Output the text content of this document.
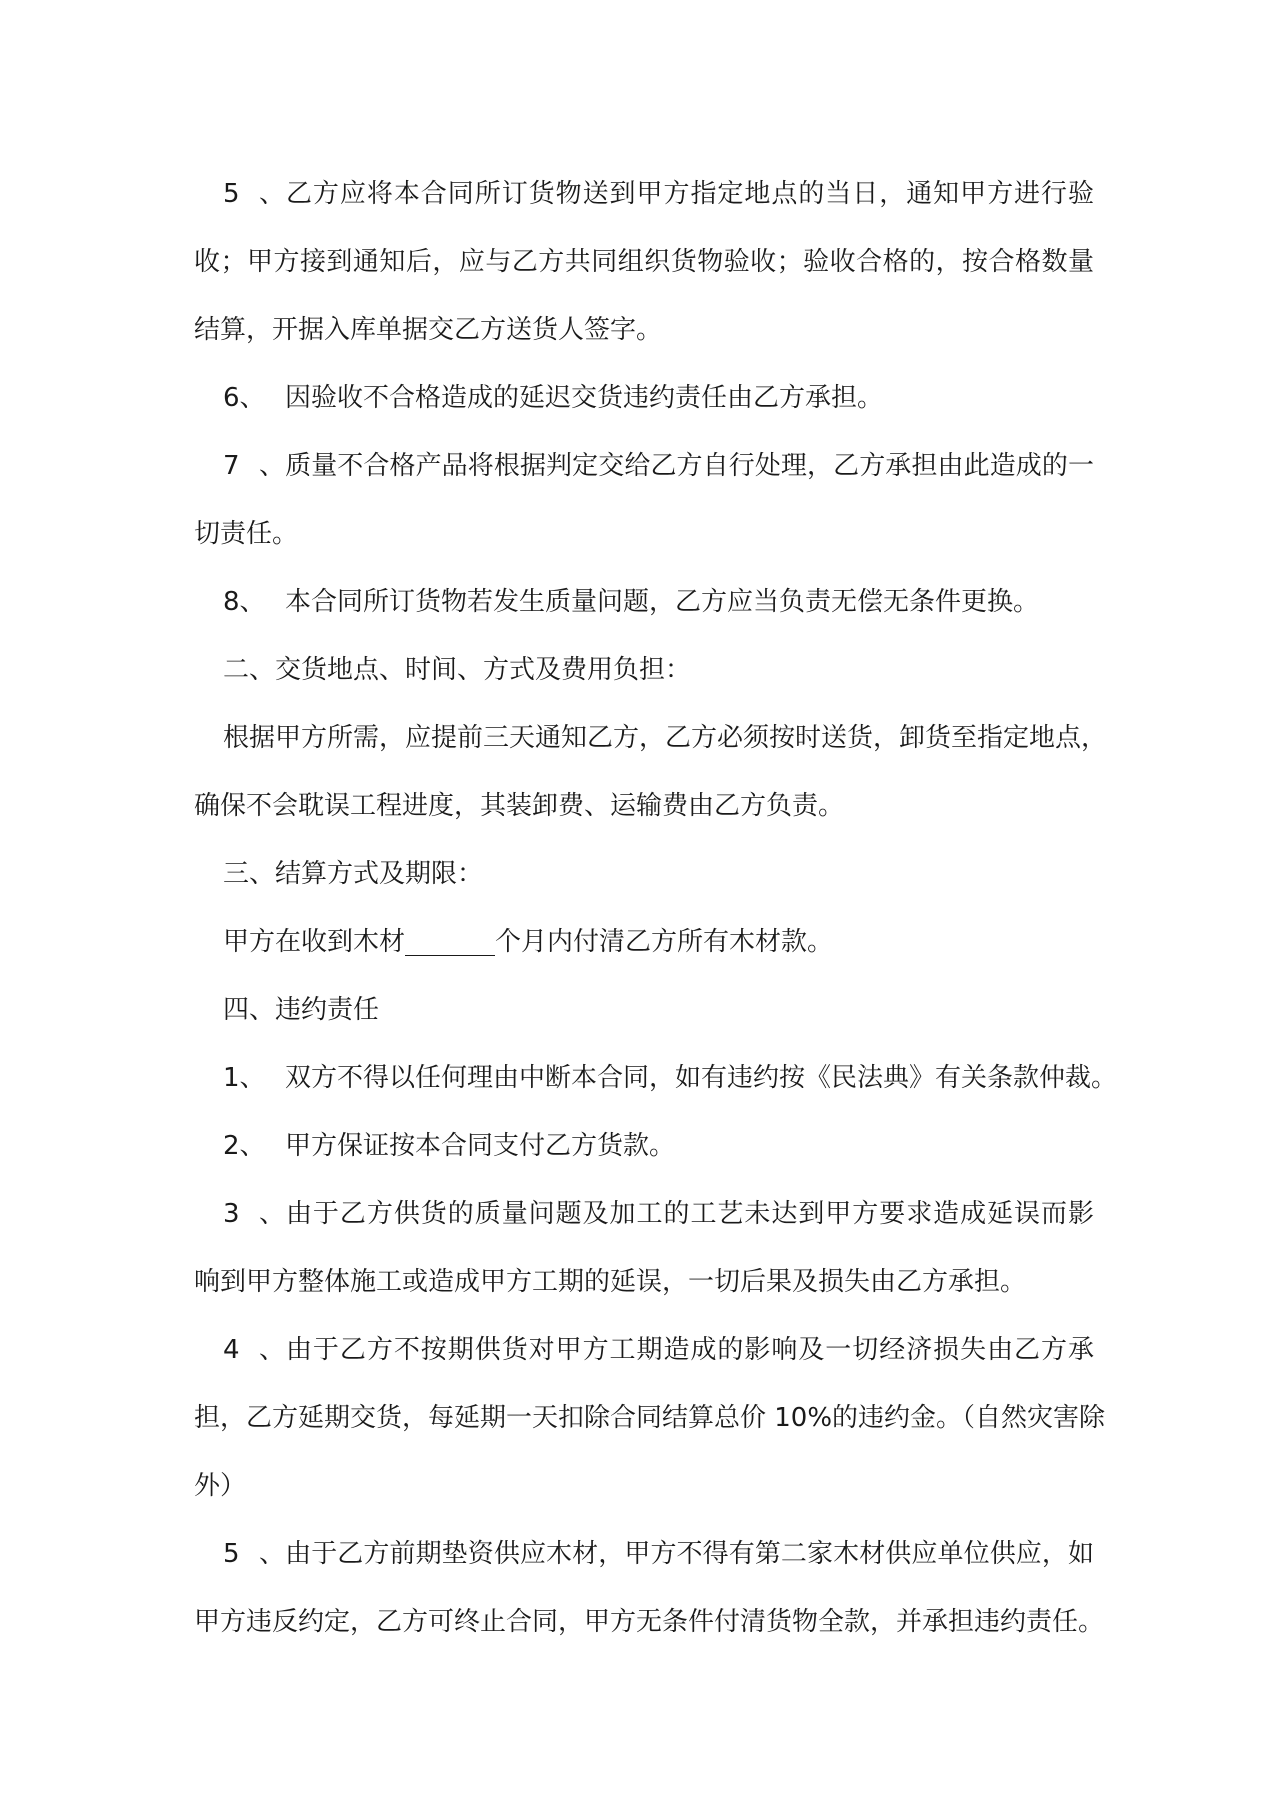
5、乙方应将本合同所订货物送到甲方指定地点的当日，通知甲方进行验
收；甲方接到通知后，应与乙方共同组织货物验收；验收合格的，按合格数量
结算，开据入库单据交乙方送货人签字。
6、 因验收不合格造成的延迟交货违约责任由乙方承担。
7、质量不合格产品将根据判定交给乙方自行处理，乙方承担由此造成的一
切责任。
8、 本合同所订货物若发生质量问题，乙方应当负责无偿无条件更换。
二、交货地点、时间、方式及费用负担：
根据甲方所需，应提前三天通知乙方，乙方必须按时送货，卸货至指定地点，
确保不会耽误工程进度，其装卸费、运输费由乙方负责。
三、结算方式及期限：
甲方在收到木材	个月内付清乙方所有木材款。
四、违约责任
1、 双方不得以任何理由中断本合同，如有违约按《民法典》有关条款仲裁。
2、 甲方保证按本合同支付乙方货款。
3、由于乙方供货的质量问题及加工的工艺未达到甲方要求造成延误而影
响到甲方整体施工或造成甲方工期的延误，一切后果及损失由乙方承担。
4、由于乙方不按期供货对甲方工期造成的影响及一切经济损失由乙方承
担，乙方延期交货，每延期一天扣除合同结算总价 10%的违约金。（自然灾害除
外）
5、由于乙方前期垫资供应木材，甲方不得有第二家木材供应单位供应，如
甲方违反约定，乙方可终止合同，甲方无条件付清货物全款，并承担违约责任。
